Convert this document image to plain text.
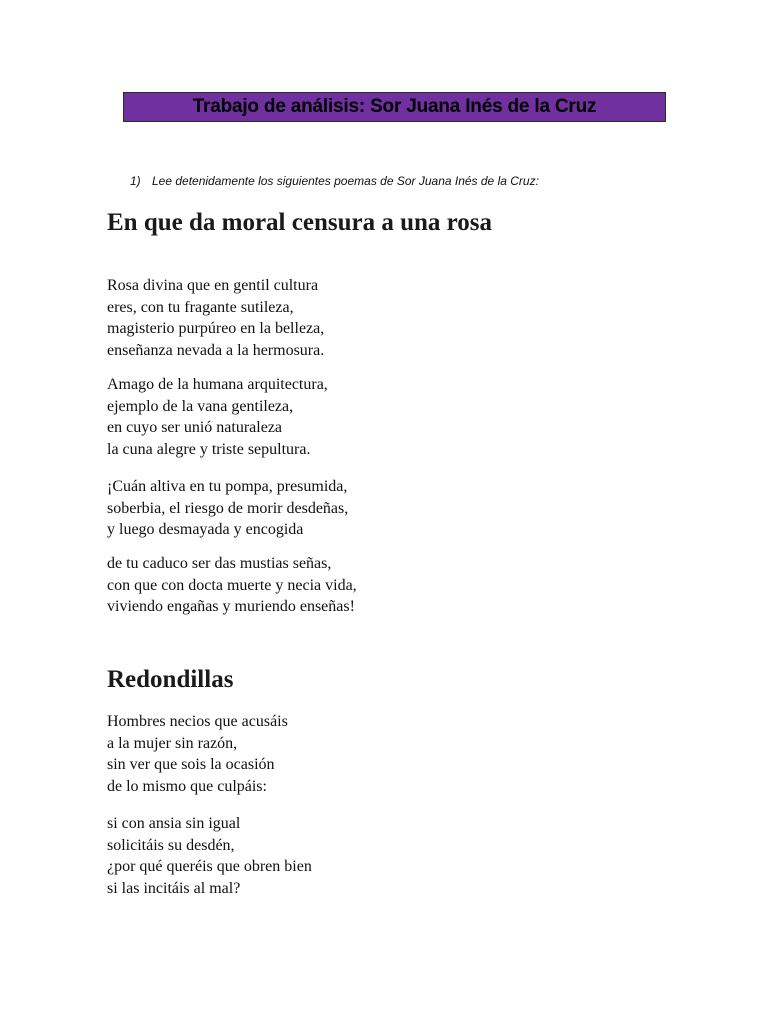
Trabajo de análisis: Sor Juana Inés de la Cruz
1) Lee detenidamente los siguientes poemas de Sor Juana Inés de la Cruz:
En que da moral censura a una rosa
Rosa divina que en gentil cultura
eres, con tu fragante sutileza,
magisterio purpúreo en la belleza,
enseñanza nevada a la hermosura.
Amago de la humana arquitectura,
ejemplo de la vana gentileza,
en cuyo ser unió naturaleza
la cuna alegre y triste sepultura.
¡Cuán altiva en tu pompa, presumida,
soberbia, el riesgo de morir desdeñas,
y luego desmayada y encogida
de tu caduco ser das mustias señas,
con que con docta muerte y necia vida,
viviendo engañas y muriendo enseñas!
Redondillas
Hombres necios que acusáis
a la mujer sin razón,
sin ver que sois la ocasión
de lo mismo que culpáis:
si con ansia sin igual
solicitáis su desdén,
¿por qué queréis que obren bien
si las incitáis al mal?
